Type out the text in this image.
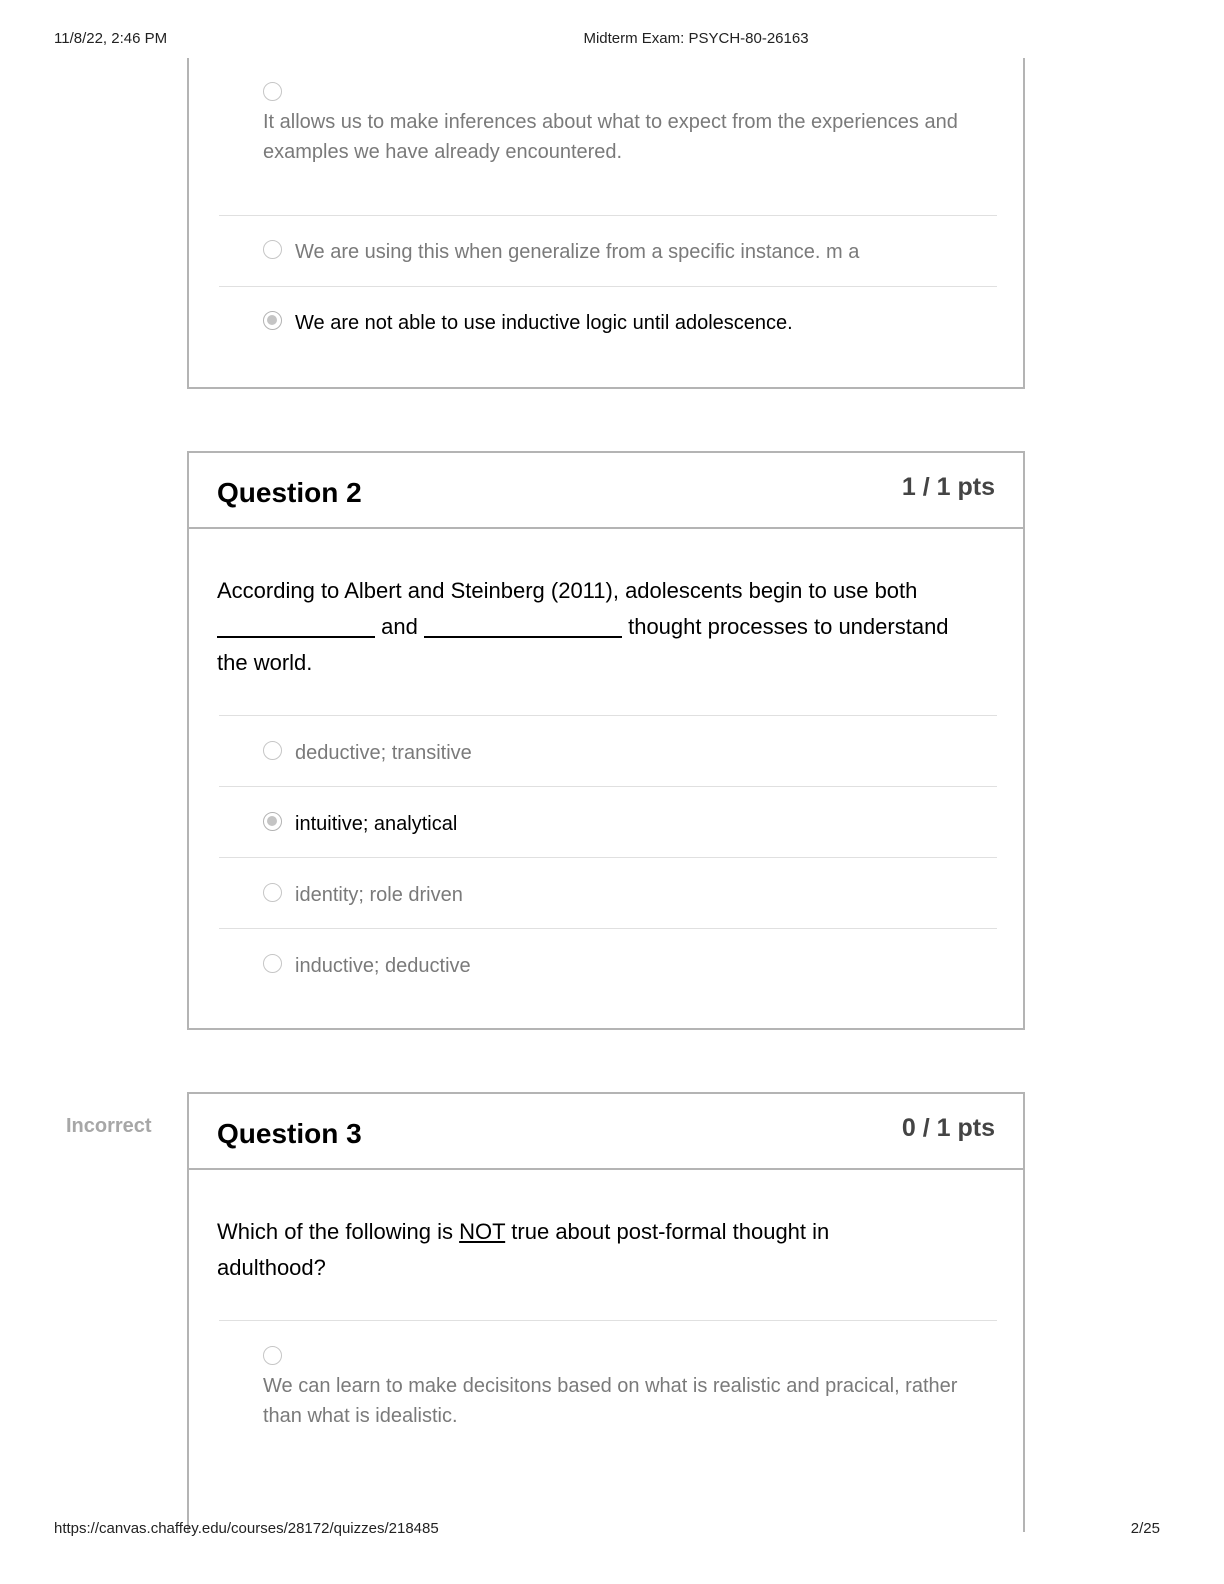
11/8/22, 2:46 PM	Midterm Exam: PSYCH-80-26163
It allows us to make inferences about what to expect from the experiences and examples we have already encountered.
We are using this when generalize from a specific instance. m a
We are not able to use inductive logic until adolescence.
Question 2	1 / 1 pts
According to Albert and Steinberg (2011), adolescents begin to use both
and	thought processes to understand
the world.
deductive; transitive
intuitive; analytical
identity; role driven
inductive; deductive
Incorrect Question 3	0 / 1 pts
Which of the following is NOT true about post-formal thought in
adulthood?
We can learn to make decisitons based on what is realistic and pracical, rather than what is idealistic.
https://canvas.chaffey.edu/courses/28172/quizzes/218485	2/25
